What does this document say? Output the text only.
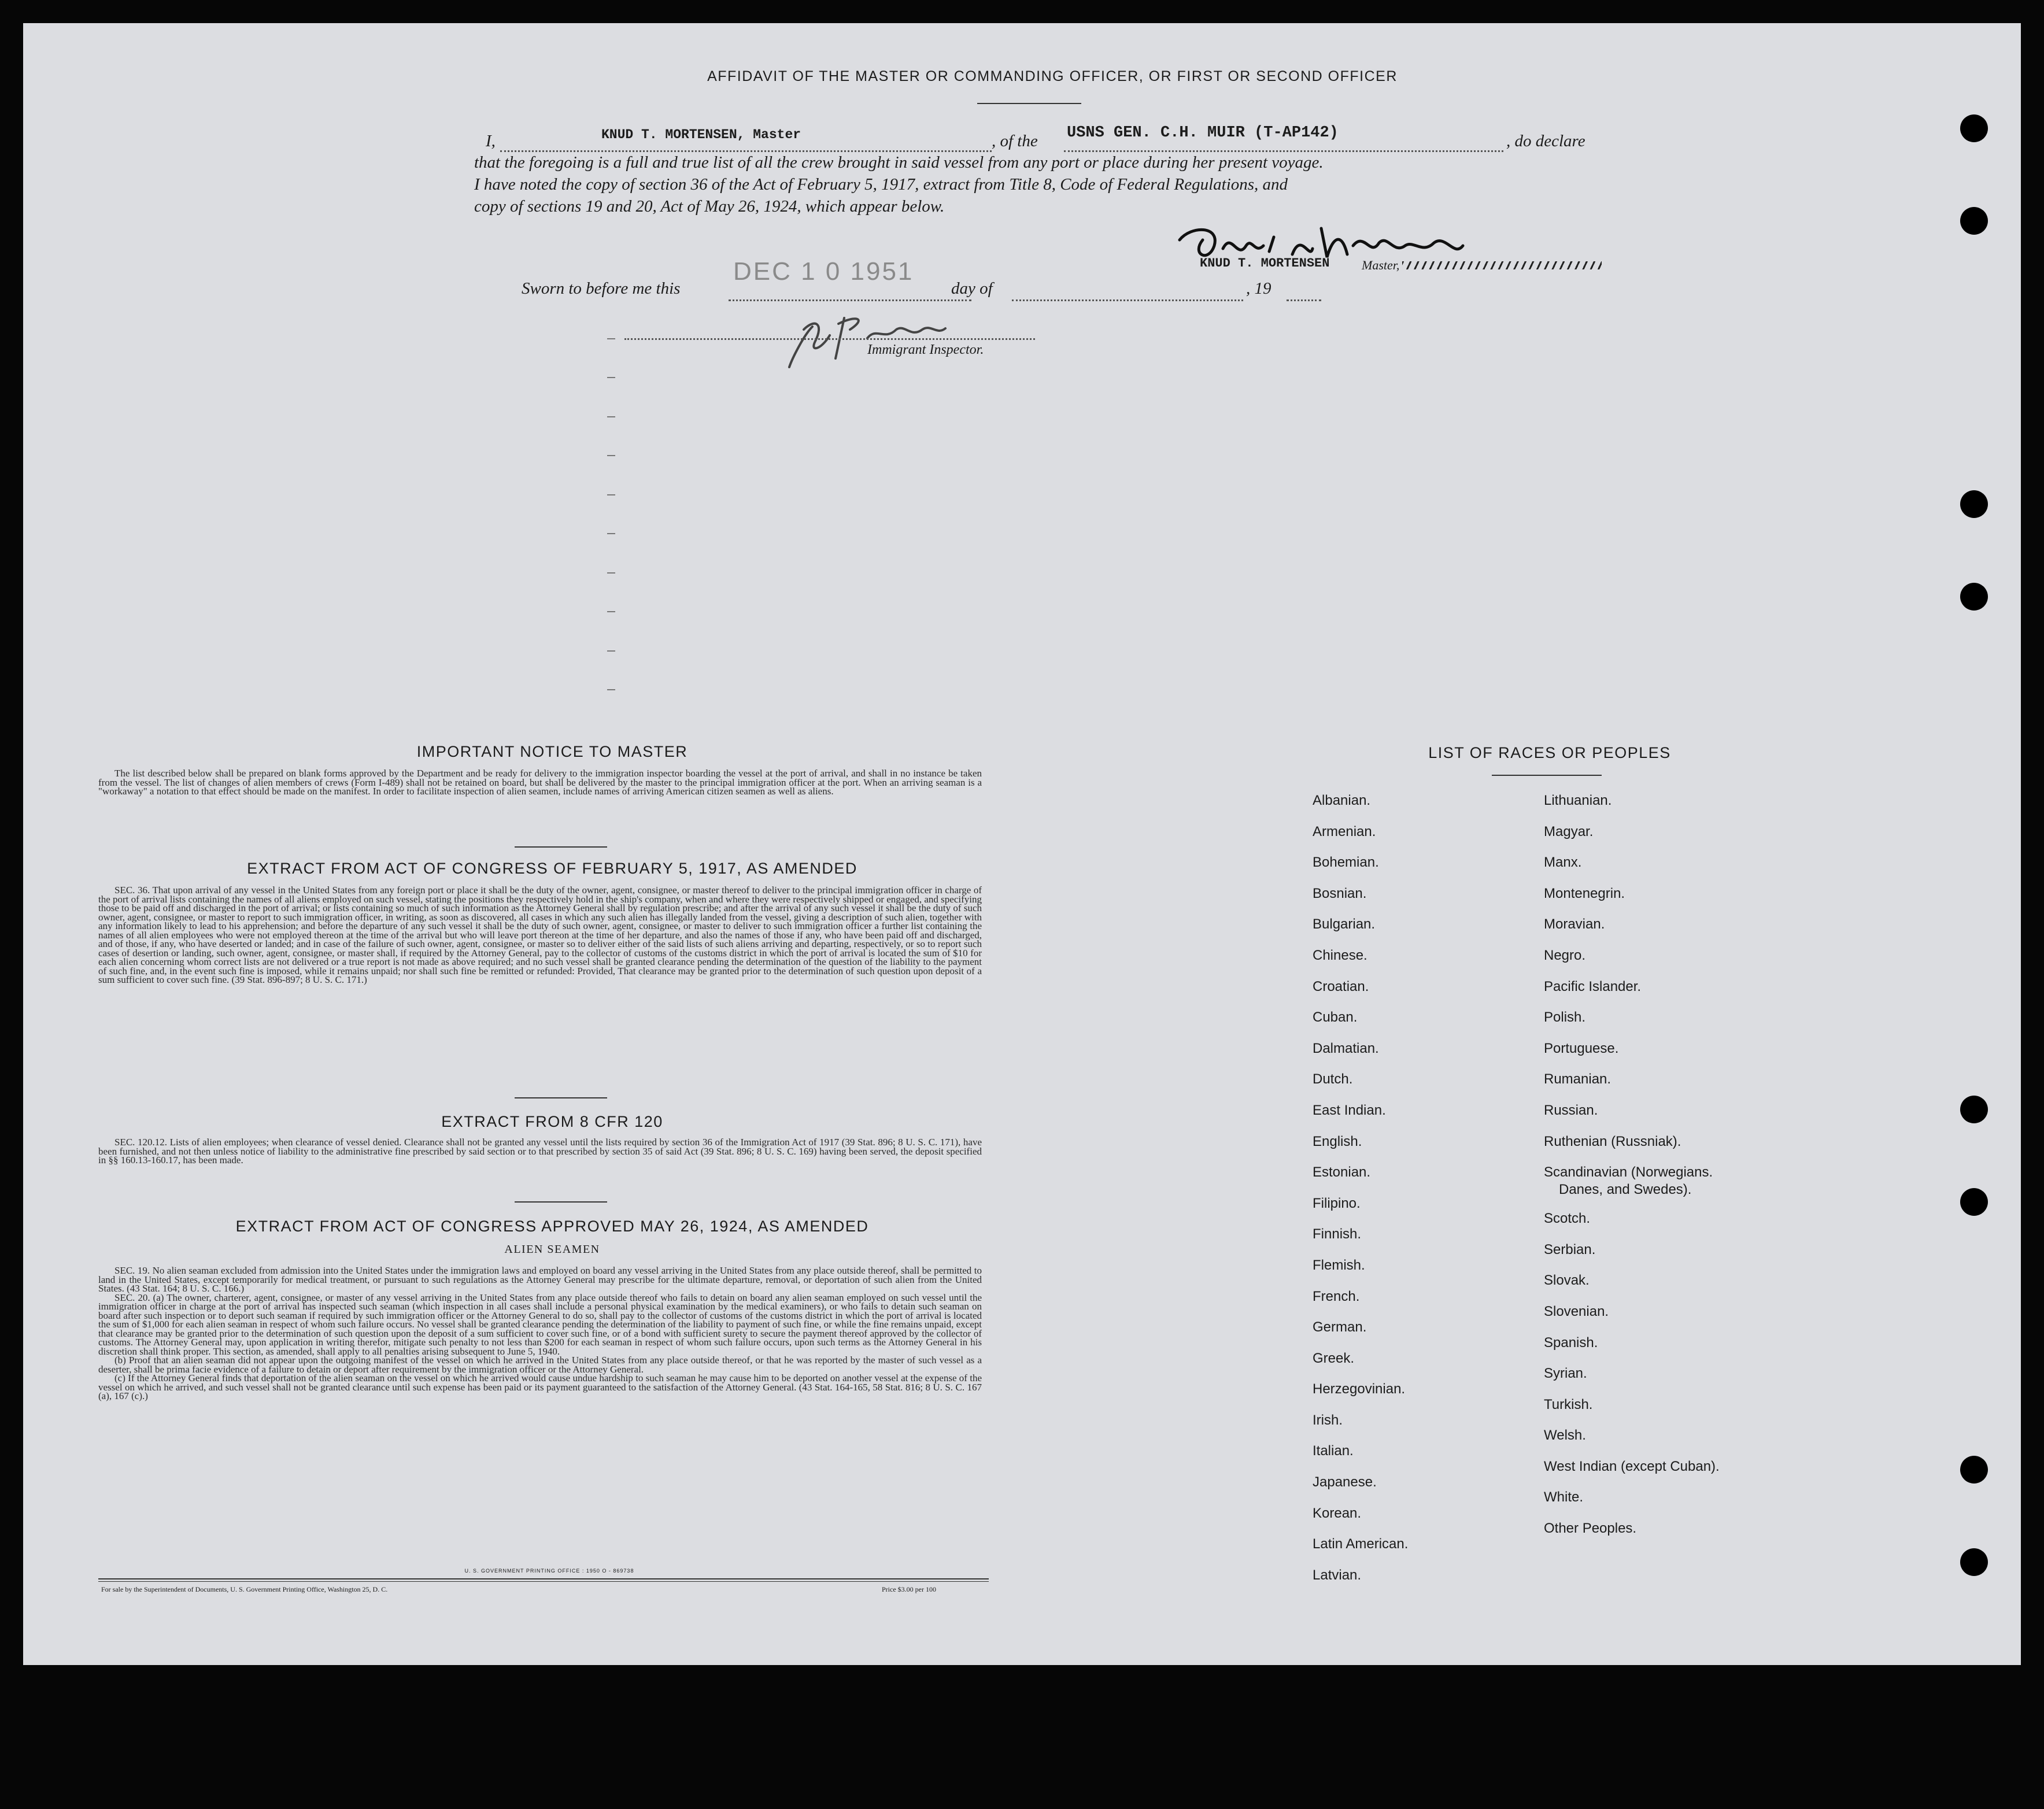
AFFIDAVIT OF THE MASTER OR COMMANDING OFFICER, OR FIRST OR SECOND OFFICER
I,	KNUD T. MORTENSEN, Master	, of the USNS GEN. C.H. MUIR (T-AP142)	, do declare
that the foregoing is a full and true list of all the crew brought in said vessel from any port or place during her present voyage.
I have noted the copy of section 36 of the Act of February 5, 1917, extract from Title 8, Code of Federal Regulations, and
copy of sections 19 and 20, Act of May 26, 1924, which appear below.
KNUD T. MORTENSEN	Master,
Sworn to before me this
DEC 1 0 1951
day of	, 19
Immigrant Inspector.
IMPORTANT NOTICE TO MASTER

The list described below shall be prepared on blank forms approved by the Department and be ready for delivery to the immigration inspector boarding the vessel at the port of arrival, and shall in no instance be taken from the vessel. The list of changes of alien members of crews (Form I-489) shall not be retained on board, but shall be delivered by the master to the principal immigration officer at the port. When an arriving seaman is a "workaway" a notation to that effect should be made on the manifest. In order to facilitate inspection of alien seamen, include names of arriving American citizen seamen as well as aliens.

EXTRACT FROM ACT OF CONGRESS OF FEBRUARY 5, 1917, AS AMENDED

SEC. 36. That upon arrival of any vessel in the United States from any foreign port or place it shall be the duty of the owner, agent, consignee, or master thereof to deliver to the principal immigration officer in charge of the port of arrival lists containing the names of all aliens employed on such vessel, stating the positions they respectively hold in the ship's company, when and where they were respectively shipped or engaged, and specifying those to be paid off and discharged in the port of arrival; or lists containing so much of such information as the Attorney General shall by regulation prescribe; and after the arrival of any such vessel it shall be the duty of such owner, agent, consignee, or master to report to such immigration officer, in writing, as soon as discovered, all cases in which any such alien has illegally landed from the vessel, giving a description of such alien, together with any information likely to lead to his apprehension; and before the departure of any such vessel it shall be the duty of such owner, agent, consignee, or master to deliver to such immigration officer a further list containing the names of all alien employees who were not employed thereon at the time of the arrival but who will leave port thereon at the time of her departure, and also the names of those if any, who have been paid off and discharged, and of those, if any, who have deserted or landed; and in case of the failure of such owner, agent, consignee, or master so to deliver either of the said lists of such aliens arriving and departing, respectively, or so to report such cases of desertion or landing, such owner, agent, consignee, or master shall, if required by the Attorney General, pay to the collector of customs of the customs district in which the port of arrival is located the sum of $10 for each alien concerning whom correct lists are not delivered or a true report is not made as above required; and no such vessel shall be granted clearance pending the determination of the question of the liability to the payment of such fine, and, in the event such fine is imposed, while it remains unpaid; nor shall such fine be remitted or refunded: Provided, That clearance may be granted prior to the determination of such question upon deposit of a sum sufficient to cover such fine. (39 Stat. 896-897; 8 U. S. C. 171.)

EXTRACT FROM 8 CFR 120

SEC. 120.12. Lists of alien employees; when clearance of vessel denied. Clearance shall not be granted any vessel until the lists required by section 36 of the Immigration Act of 1917 (39 Stat. 896; 8 U. S. C. 171), have been furnished, and not then unless notice of liability to the administrative fine prescribed by said section or to that prescribed by section 35 of said Act (39 Stat. 896; 8 U. S. C. 169) having been served, the deposit specified in §§ 160.13-160.17, has been made.

EXTRACT FROM ACT OF CONGRESS APPROVED MAY 26, 1924, AS AMENDED
ALIEN SEAMEN

SEC. 19. No alien seaman excluded from admission into the United States under the immigration laws and employed on board any vessel arriving in the United States from any place outside thereof, shall be permitted to land in the United States, except temporarily for medical treatment, or pursuant to such regulations as the Attorney General may prescribe for the ultimate departure, removal, or deportation of such alien from the United States. (43 Stat. 164; 8 U. S. C. 166.)

SEC. 20. (a) The owner, charterer, agent, consignee, or master of any vessel arriving in the United States from any place outside thereof who fails to detain on board any alien seaman employed on such vessel until the immigration officer in charge at the port of arrival has inspected such seaman (which inspection in all cases shall include a personal physical examination by the medical examiners), or who fails to detain such seaman on board after such inspection or to deport such seaman if required by such immigration officer or the Attorney General to do so, shall pay to the collector of customs of the customs district in which the port of arrival is located the sum of $1,000 for each alien seaman in respect of whom such failure occurs. No vessel shall be granted clearance pending the determination of the liability to payment of such fine, or while the fine remains unpaid, except that clearance may be granted prior to the determination of such question upon the deposit of a sum sufficient to cover such fine, or of a bond with sufficient surety to secure the payment thereof approved by the collector of customs. The Attorney General may, upon application in writing therefor, mitigate such penalty to not less than $200 for each seaman in respect of whom such failure occurs, upon such terms as the Attorney General in his discretion shall think proper. This section, as amended, shall apply to all penalties arising subsequent to June 5, 1940.

(b) Proof that an alien seaman did not appear upon the outgoing manifest of the vessel on which he arrived in the United States from any place outside thereof, or that he was reported by the master of such vessel as a deserter, shall be prima facie evidence of a failure to detain or deport after requirement by the immigration officer or the Attorney General.

(c) If the Attorney General finds that deportation of the alien seaman on the vessel on which he arrived would cause undue hardship to such seaman he may cause him to be deported on another vessel at the expense of the vessel on which he arrived, and such vessel shall not be granted clearance until such expense has been paid or its payment guaranteed to the satisfaction of the Attorney General. (43 Stat. 164-165, 58 Stat. 816; 8 U. S. C. 167 (a), 167 (c).)

U. S. GOVERNMENT PRINTING OFFICE : 1950 O - 869738
For sale by the Superintendent of Documents, U. S. Government Printing Office, Washington 25, D. C.	Price $3.00 per 100
LIST OF RACES OR PEOPLES
Albanian.
Armenian.
Bohemian.
Bosnian.
Bulgarian.
Chinese.
Croatian.
Cuban.
Dalmatian.
Dutch.
East Indian.
English.
Estonian.
Filipino.
Finnish.
Flemish.
French.
German.
Greek.
Herzegovinian.
Irish.
Italian.
Japanese.
Korean.
Latin American.
Latvian.
Lithuanian.
Magyar.
Manx.
Montenegrin.
Moravian.
Negro.
Pacific Islander.
Polish.
Portuguese.
Rumanian.
Russian.
Ruthenian (Russniak).
Scandinavian (Norwegians.
Danes, and Swedes).
Scotch.
Serbian.
Slovak.
Slovenian.
Spanish.
Syrian.
Turkish.
Welsh.
West Indian (except Cuban).
White.
Other Peoples.
